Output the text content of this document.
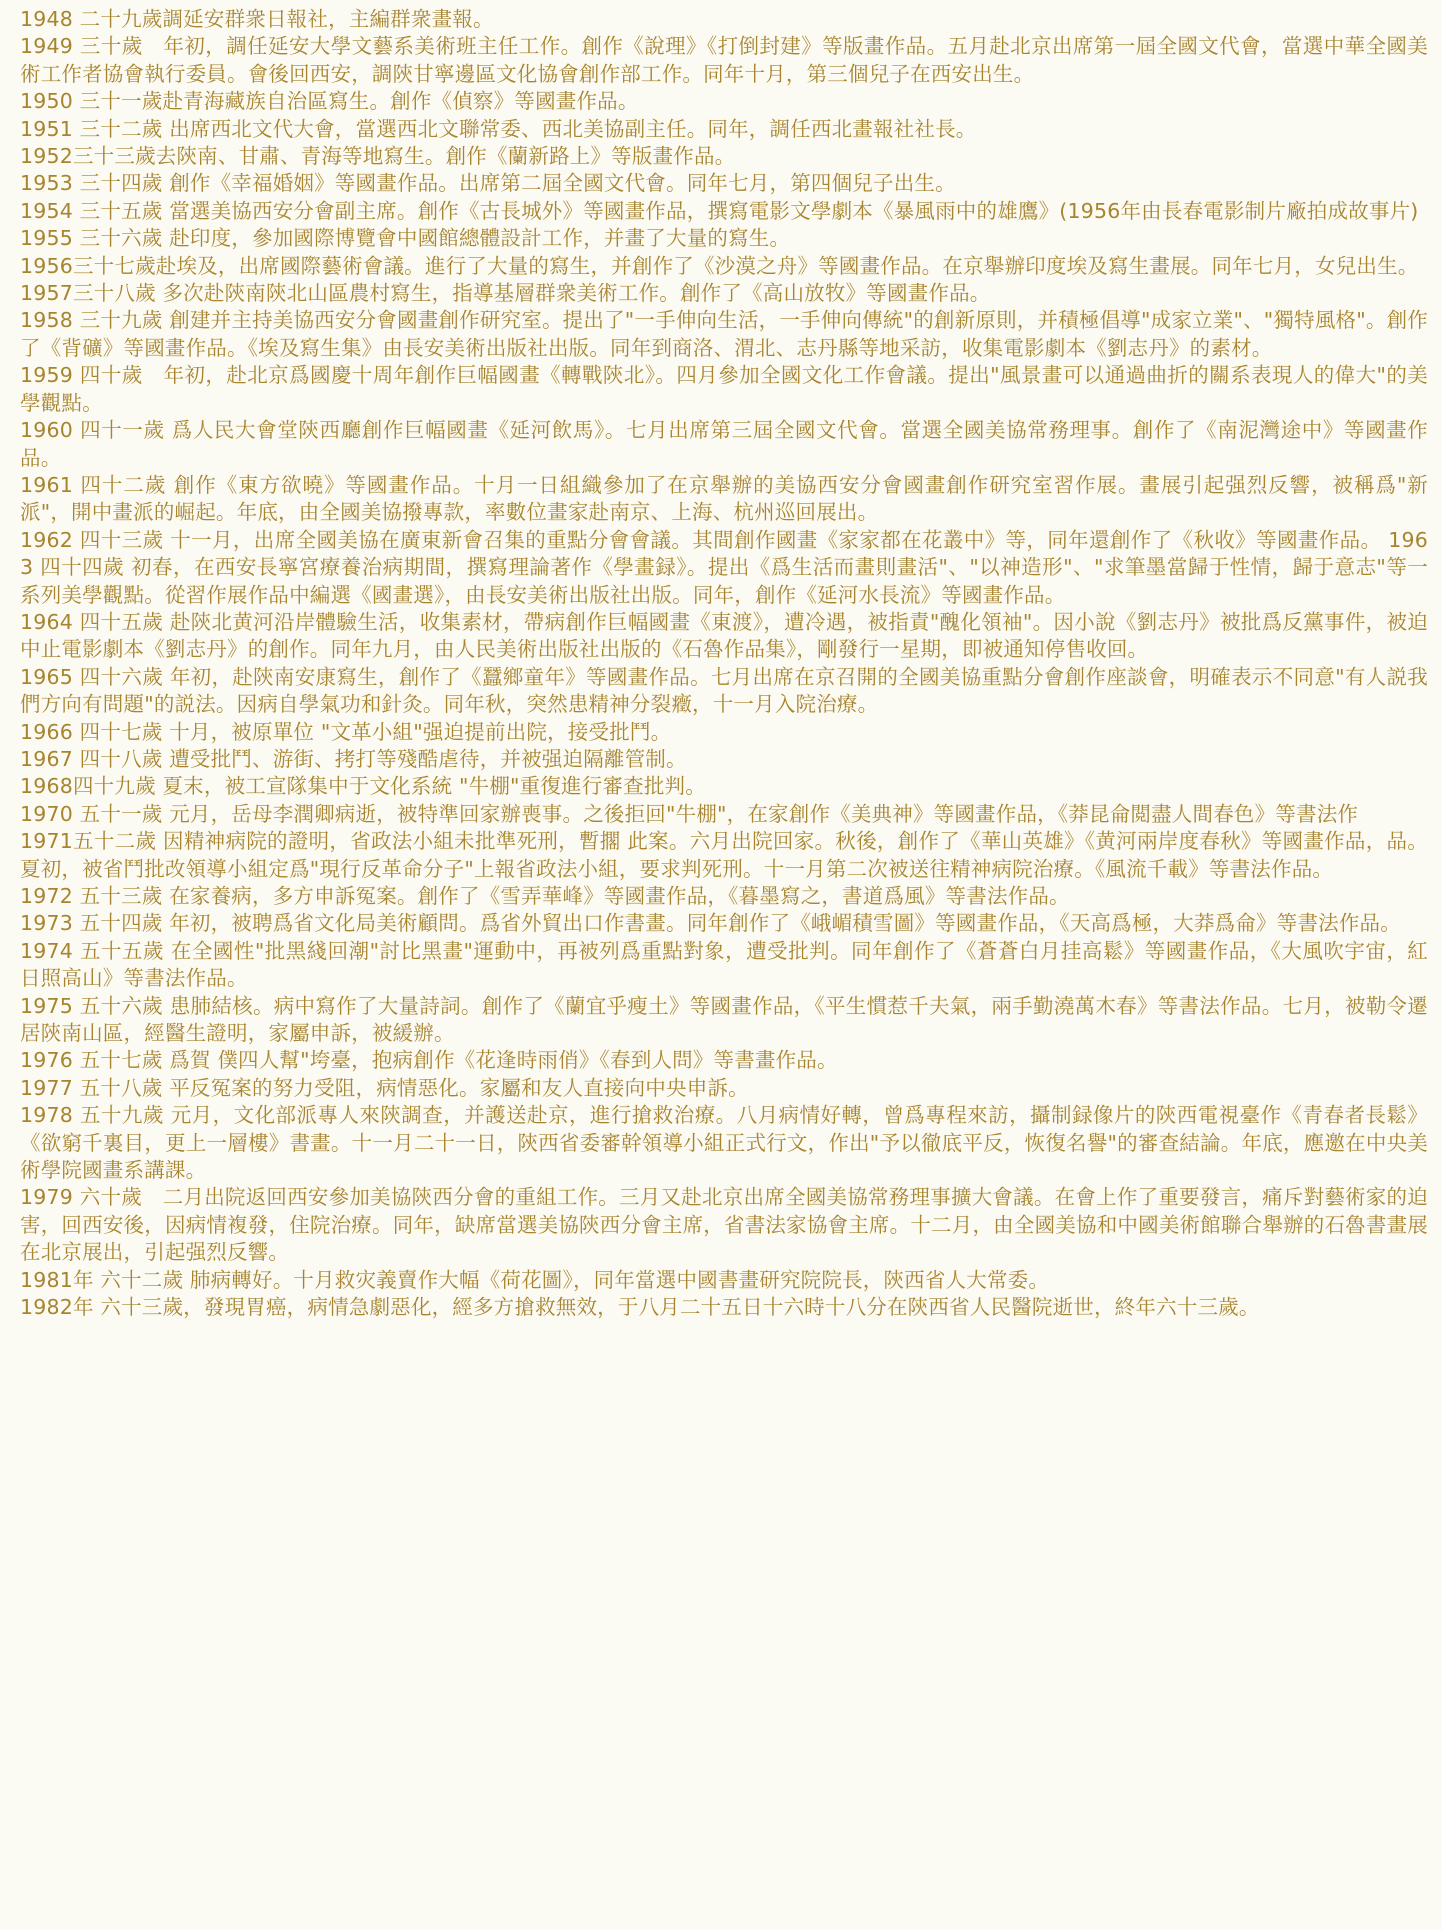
1948 二十九歲調延安群衆日報社，主編群衆畫報。

1949 三十歲　年初，調任延安大學文藝系美術班主任工作。創作《說理》《打倒封建》等版畫作品。五月赴北京出席第一屆全國文代會，當選中華全國美術工作者協會執行委員。會後回西安，調陝甘寧邊區文化協會創作部工作。同年十月，第三個兒子在西安出生。

1950 三十一歲赴青海藏族自治區寫生。創作《偵察》等國畫作品。

1951 三十二歲 出席西北文代大會，當選西北文聯常委、西北美協副主任。同年，調任西北畫報社社長。

1952三十三歲去陝南、甘肅、青海等地寫生。創作《蘭新路上》等版畫作品。

1953 三十四歲 創作《幸福婚姻》等國畫作品。出席第二屆全國文代會。同年七月，第四個兒子出生。

1954 三十五歲 當選美協西安分會副主席。創作《古長城外》等國畫作品，撰寫電影文學劇本《暴風雨中的雄鷹》(1956年由長春電影制片廠拍成故事片)

1955 三十六歲 赴印度，參加國際博覽會中國館總體設計工作，并畫了大量的寫生。

1956三十七歲赴埃及，出席國際藝術會議。進行了大量的寫生，并創作了《沙漠之舟》等國畫作品。在京舉辦印度埃及寫生畫展。同年七月，女兒出生。

1957三十八歲 多次赴陝南陝北山區農村寫生，指導基層群衆美術工作。創作了《高山放牧》等國畫作品。

1958 三十九歲 創建并主持美協西安分會國畫創作研究室。提出了"一手伸向生活，一手伸向傳統"的創新原則，并積極倡導"成家立業"、"獨特風格"。創作了《背礦》等國畫作品。《埃及寫生集》由長安美術出版社出版。同年到商洛、渭北、志丹縣等地采訪，收集電影劇本《劉志丹》的素材。

1959 四十歲　年初，赴北京爲國慶十周年創作巨幅國畫《轉戰陝北》。四月參加全國文化工作會議。提出"風景畫可以通過曲折的關系表現人的偉大"的美學觀點。

1960 四十一歲 爲人民大會堂陝西廳創作巨幅國畫《延河飲馬》。七月出席第三屆全國文代會。當選全國美協常務理事。創作了《南泥灣途中》等國畫作品。

1961 四十二歲 創作《東方欲曉》等國畫作品。十月一日組織參加了在京舉辦的美協西安分會國畫創作研究室習作展。畫展引起强烈反響，被稱爲"新派"，開中畫派的崛起。年底，由全國美協撥專款，率數位畫家赴南京、上海、杭州巡回展出。

1962 四十三歲 十一月，出席全國美協在廣東新會召集的重點分會會議。其間創作國畫《家家都在花叢中》等，同年還創作了《秋收》等國畫作品。 1963 四十四歲 初春，在西安長寧宮療養治病期間，撰寫理論著作《學畫録》。提出《爲生活而畫則畫活"、"以神造形"、"求筆墨當歸于性情，歸于意志"等一系列美學觀點。從習作展作品中編選《國畫選》，由長安美術出版社出版。同年，創作《延河水長流》等國畫作品。

1964 四十五歲 赴陝北黄河沿岸體驗生活，收集素材，帶病創作巨幅國畫《東渡》，遭冷遇，被指責"醜化領袖"。因小說《劉志丹》被批爲反黨事件，被迫中止電影劇本《劉志丹》的創作。同年九月，由人民美術出版社出版的《石魯作品集》，剛發行一星期，即被通知停售收回。

1965 四十六歲 年初，赴陝南安康寫生，創作了《蠶鄉童年》等國畫作品。七月出席在京召開的全國美協重點分會創作座談會，明確表示不同意"有人説我們方向有問題"的説法。因病自學氣功和針灸。同年秋，突然患精神分裂癥，十一月入院治療。

1966 四十七歲 十月，被原單位 "文革小組"强迫提前出院，接受批鬥。

1967 四十八歲 遭受批鬥、游街、拷打等殘酷虐待，并被强迫隔離管制。

1968四十九歲 夏末，被工宣隊集中于文化系統 "牛棚"重復進行審查批判。

1970 五十一歲 元月，岳母李潤卿病逝，被特準回家辦喪事。之後拒回"牛棚"，在家創作《美典神》等國畫作品，《莽昆侖閲盡人間春色》等書法作

1971五十二歲 因精神病院的證明，省政法小組未批準死刑，暫擱 此案。六月出院回家。秋後，創作了《華山英雄》《黄河兩岸度春秋》等國畫作品，品。夏初，被省鬥批改領導小組定爲"現行反革命分子"上報省政法小組，要求判死刑。十一月第二次被送往精神病院治療。《風流千載》等書法作品。

1972 五十三歲 在家養病，多方申訴冤案。創作了《雪弄華峰》等國畫作品，《暮墨寫之，書道爲風》等書法作品。

1973 五十四歲 年初，被聘爲省文化局美術顧問。爲省外貿出口作書畫。同年創作了《峨嵋積雪圖》等國畫作品，《天高爲極，大莽爲侖》等書法作品。

1974 五十五歲 在全國性"批黑綫回潮"討比黑畫"運動中，再被列爲重點對象，遭受批判。同年創作了《蒼蒼白月挂高鬆》等國畫作品，《大風吹宇宙，紅日照高山》等書法作品。

1975 五十六歲 患肺結核。病中寫作了大量詩詞。創作了《蘭宜乎瘦土》等國畫作品，《平生慣惹千夫氣，兩手勤澆萬木春》等書法作品。七月，被勒令遷居陝南山區，經醫生證明，家屬申訴，被緩辦。

1976 五十七歲 爲賀 僕四人幫"垮臺，抱病創作《花逢時雨俏》《春到人問》等書畫作品。

1977 五十八歲 平反冤案的努力受阻，病情惡化。家屬和友人直接向中央申訴。

1978 五十九歲 元月，文化部派專人來陝調查，并護送赴京，進行搶救治療。八月病情好轉，曾爲專程來訪，攝制録像片的陝西電視臺作《青春者長鬆》《欲窮千裏目，更上一層樓》書畫。十一月二十一日，陝西省委審幹領導小組正式行文，作出"予以徹底平反，恢復名譽"的審查結論。年底，應邀在中央美術學院國畫系講課。

1979 六十歲　二月出院返回西安參加美協陝西分會的重組工作。三月又赴北京出席全國美協常務理事擴大會議。在會上作了重要發言，痛斥對藝術家的迫害，回西安後，因病情複發，住院治療。同年，缺席當選美協陝西分會主席，省書法家協會主席。十二月，由全國美協和中國美術館聯合舉辦的石魯書畫展在北京展出，引起强烈反響。

1981年 六十二歲 肺病轉好。十月救灾義賣作大幅《荷花圖》，同年當選中國書畫研究院院長，陝西省人大常委。

1982年 六十三歲，發現胃癌，病情急劇惡化，經多方搶救無效，于八月二十五日十六時十八分在陝西省人民醫院逝世，終年六十三歲。
